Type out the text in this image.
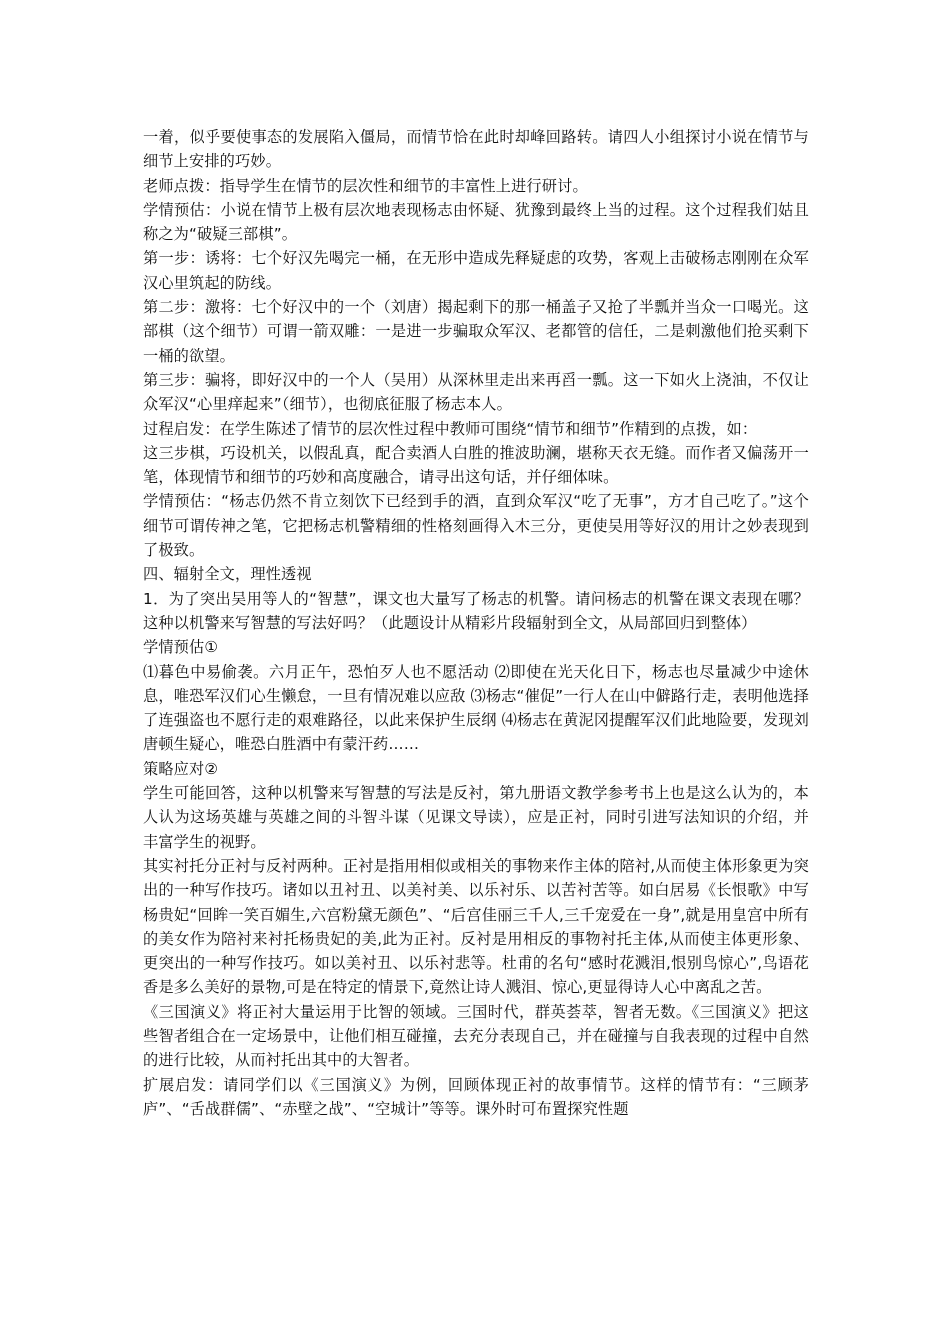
一着，似乎要使事态的发展陷入僵局，而情节恰在此时却峰回路转。请四人小组探讨小说在情节与细节上安排的巧妙。

老师点拨：指导学生在情节的层次性和细节的丰富性上进行研讨。

学情预估：小说在情节上极有层次地表现杨志由怀疑、犹豫到最终上当的过程。这个过程我们姑且称之为“破疑三部棋”。

第一步：诱将：七个好汉先喝完一桶，在无形中造成先释疑虑的攻势，客观上击破杨志刚刚在众军汉心里筑起的防线。

第二步：激将：七个好汉中的一个（刘唐）揭起剩下的那一桶盖子又抢了半瓢并当众一口喝光。这部棋（这个细节）可谓一箭双雕：一是进一步骗取众军汉、老都管的信任，二是刺激他们抢买剩下一桶的欲望。

第三步：骗将，即好汉中的一个人（吴用）从深林里走出来再舀一瓢。这一下如火上浇油，不仅让众军汉“心里痒起来”（细节），也彻底征服了杨志本人。

过程启发：在学生陈述了情节的层次性过程中教师可围绕“情节和细节”作精到的点拨，如：

这三步棋，巧设机关，以假乱真，配合卖酒人白胜的推波助澜，堪称天衣无缝。而作者又偏荡开一笔，体现情节和细节的巧妙和高度融合，请寻出这句话，并仔细体味。

学情预估：“杨志仍然不肯立刻饮下已经到手的酒，直到众军汉“吃了无事”，方才自己吃了。”这个细节可谓传神之笔，它把杨志机警精细的性格刻画得入木三分，更使吴用等好汉的用计之妙表现到了极致。

四、辐射全文，理性透视

1．为了突出吴用等人的“智慧”，课文也大量写了杨志的机警。请问杨志的机警在课文表现在哪？这种以机警来写智慧的写法好吗？（此题设计从精彩片段辐射到全文，从局部回归到整体）

学情预估①

⑴暮色中易偷袭。六月正午，恐怕歹人也不愿活动 ⑵即使在光天化日下，杨志也尽量减少中途休息，唯恐军汉们心生懒怠，一旦有情况难以应敌 ⑶杨志“催促”一行人在山中僻路行走，表明他选择了连强盗也不愿行走的艰难路径，以此来保护生辰纲 ⑷杨志在黄泥冈提醒军汉们此地险要，发现刘唐顿生疑心，唯恐白胜酒中有蒙汗药……

策略应对②

学生可能回答，这种以机警来写智慧的写法是反衬，第九册语文教学参考书上也是这么认为的，本人认为这场英雄与英雄之间的斗智斗谋（见课文导读），应是正衬，同时引进写法知识的介绍，并丰富学生的视野。

其实衬托分正衬与反衬两种。正衬是指用相似或相关的事物来作主体的陪衬,从而使主体形象更为突出的一种写作技巧。诸如以丑衬丑、以美衬美、以乐衬乐、以苦衬苦等。如白居易《长恨歌》中写杨贵妃“回眸一笑百媚生,六宫粉黛无颜色”、“后宫佳丽三千人,三千宠爱在一身”,就是用皇宫中所有的美女作为陪衬来衬托杨贵妃的美,此为正衬。反衬是用相反的事物衬托主体,从而使主体更形象、更突出的一种写作技巧。如以美衬丑、以乐衬悲等。杜甫的名句“感时花溅泪,恨别鸟惊心”,鸟语花香是多么美好的景物,可是在特定的情景下,竟然让诗人溅泪、惊心,更显得诗人心中离乱之苦。

《三国演义》将正衬大量运用于比智的领域。三国时代，群英荟萃，智者无数。《三国演义》把这些智者组合在一定场景中，让他们相互碰撞，去充分表现自己，并在碰撞与自我表现的过程中自然的进行比较，从而衬托出其中的大智者。

扩展启发：请同学们以《三国演义》为例，回顾体现正衬的故事情节。这样的情节有：“三顾茅庐”、“舌战群儒”、“赤壁之战”、“空城计”等等。课外时可布置探究性题
